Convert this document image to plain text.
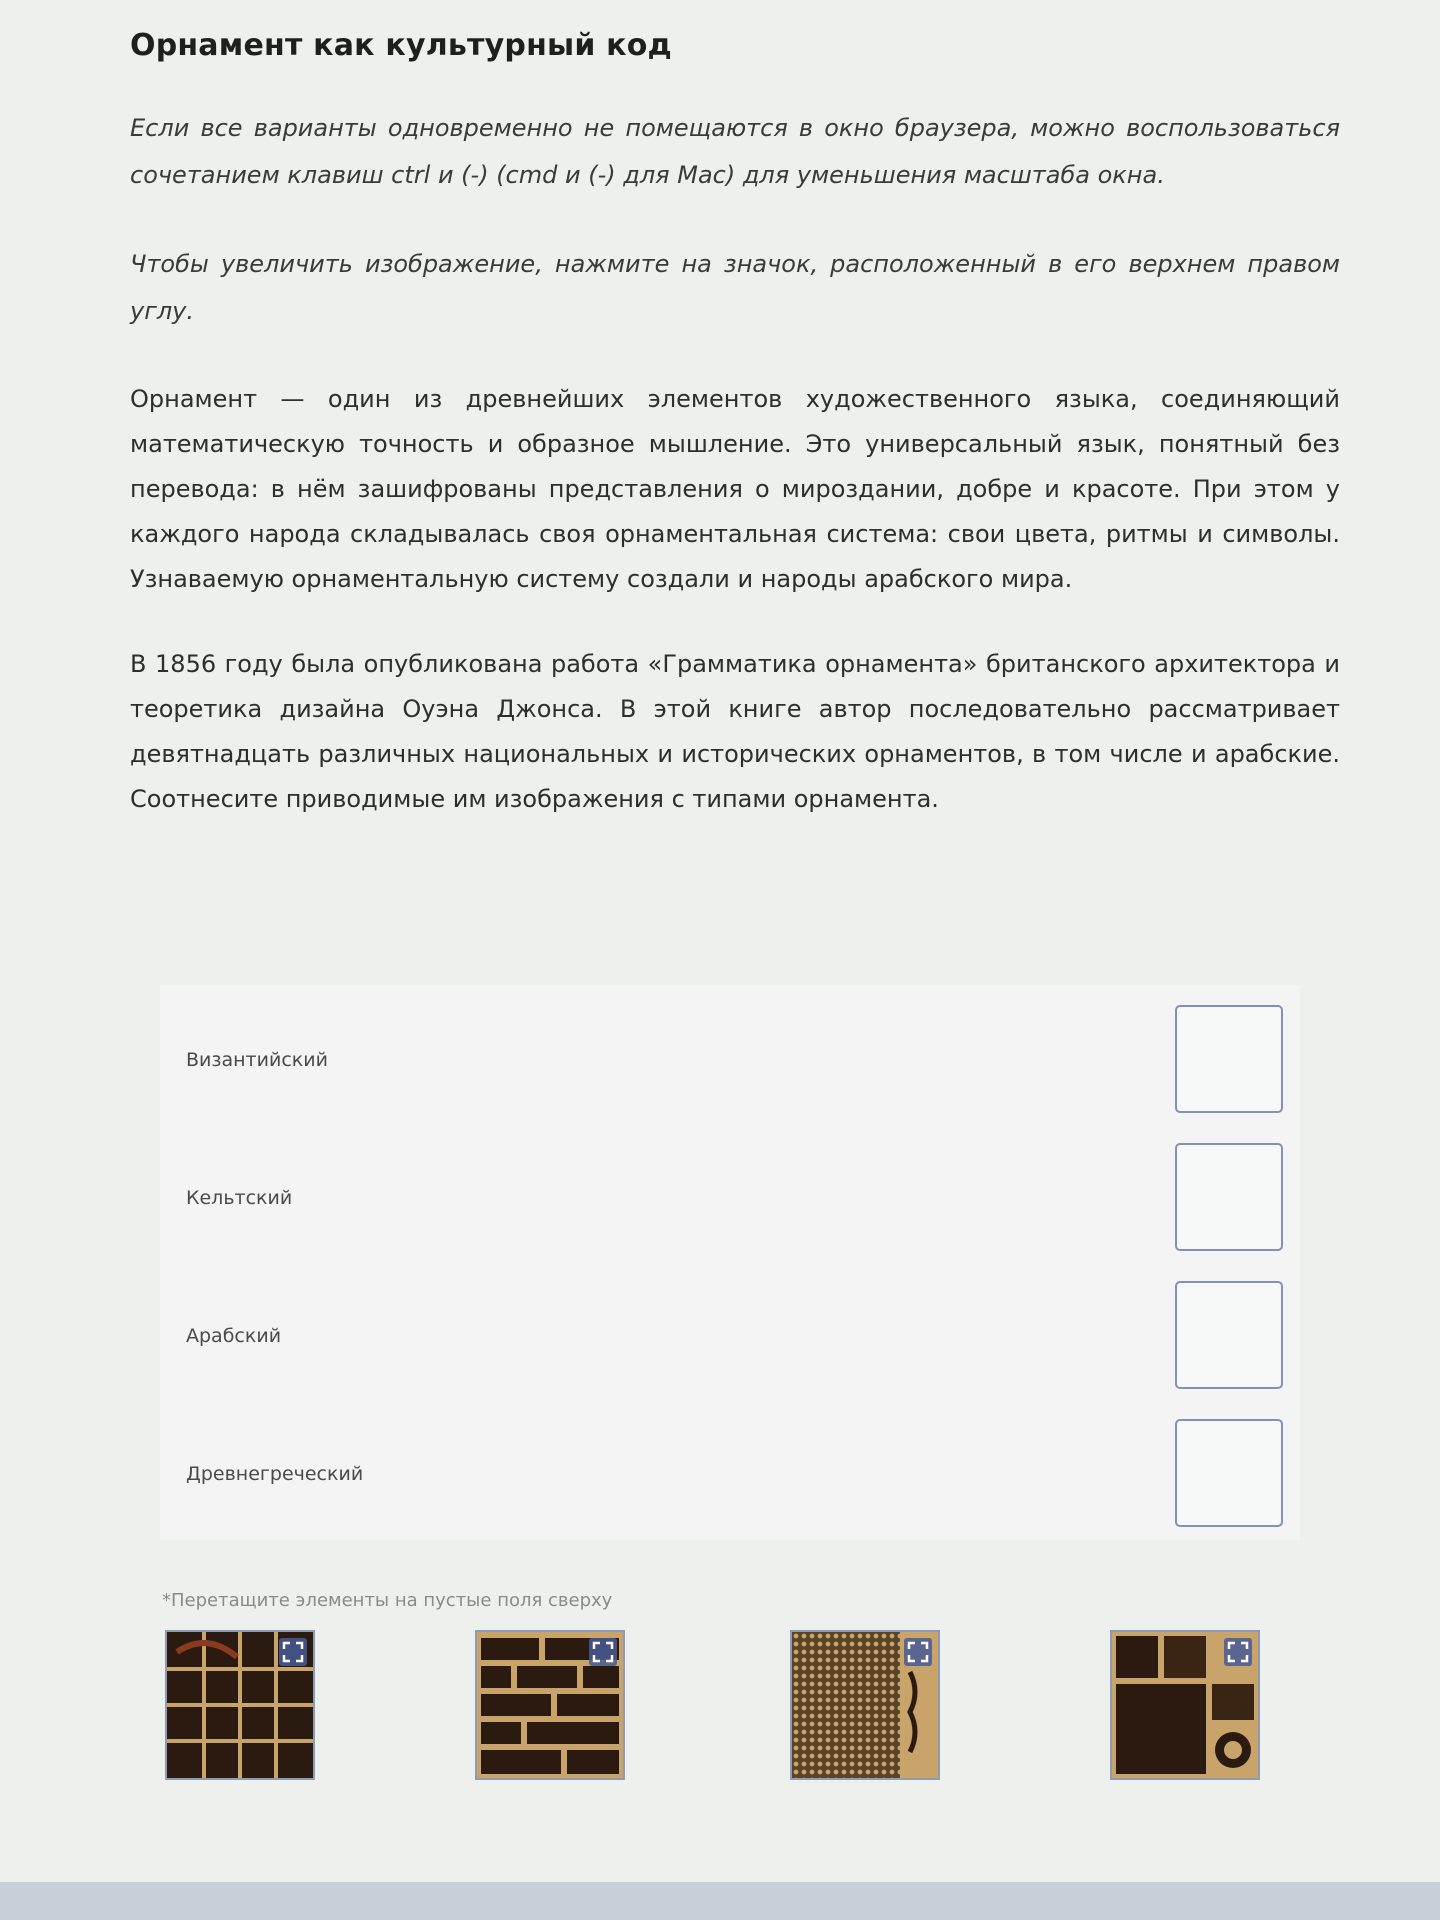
Орнамент как культурный код

Если все варианты одновременно не помещаются в окно браузера, можно воспользоваться сочетанием клавиш ctrl и (-) (cmd и (-) для Mac) для уменьшения масштаба окна.

Чтобы увеличить изображение, нажмите на значок, расположенный в его верхнем правом углу.

Орнамент — один из древнейших элементов художественного языка, соединяющий математическую точность и образное мышление. Это универсальный язык, понятный без перевода: в нём зашифрованы представления о мироздании, добре и красоте. При этом у каждого народа складывалась своя орнаментальная система: свои цвета, ритмы и символы. Узнаваемую орнаментальную систему создали и народы арабского мира.

В 1856 году была опубликована работа «Грамматика орнамента» британского архитектора и теоретика дизайна Оуэна Джонса. В этой книге автор последовательно рассматривает девятнадцать различных национальных и исторических орнаментов, в том числе и арабские. Соотнесите приводимые им изображения с типами орнамента.

Византийский
Кельтский
Арабский
Древнегреческий
*Перетащите элементы на пустые поля сверху
